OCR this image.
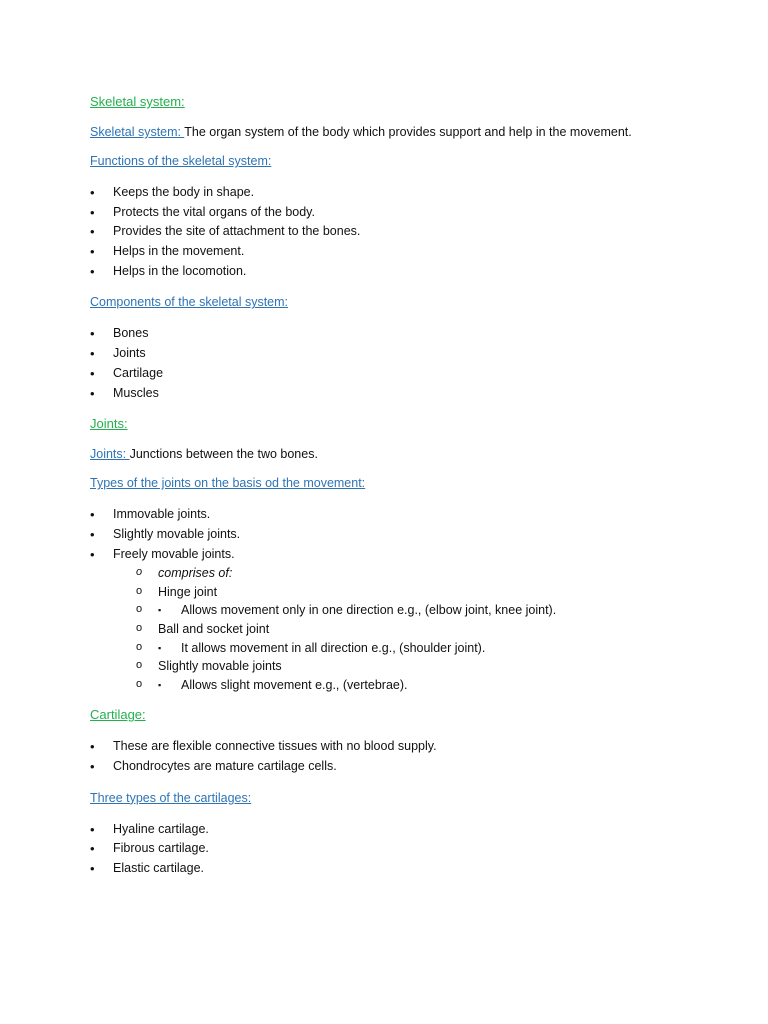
Skeletal system:
Skeletal system: The organ system of the body which provides support and help in the movement.
Functions of the skeletal system:
• Keeps the body in shape.
• Protects the vital organs of the body.
• Provides the site of attachment to the bones.
• Helps in the movement.
• Helps in the locomotion.
Components of the skeletal system:
• Bones
• Joints
• Cartilage
• Muscles
Joints:
Joints: Junctions between the two bones.
Types of the joints on the basis od the movement:
• Immovable joints.
• Slightly movable joints.
• Freely movable joints.
o comprises of:
o Hinge joint
▪ o Allows movement only in one direction e.g., (elbow joint, knee joint).
o Ball and socket joint
▪ o It allows movement in all direction e.g., (shoulder joint).
o Slightly movable joints
▪ o Allows slight movement e.g., (vertebrae).
Cartilage:
• These are flexible connective tissues with no blood supply.
• Chondrocytes are mature cartilage cells.
Three types of the cartilages:
• Hyaline cartilage.
• Fibrous cartilage.
• Elastic cartilage.
